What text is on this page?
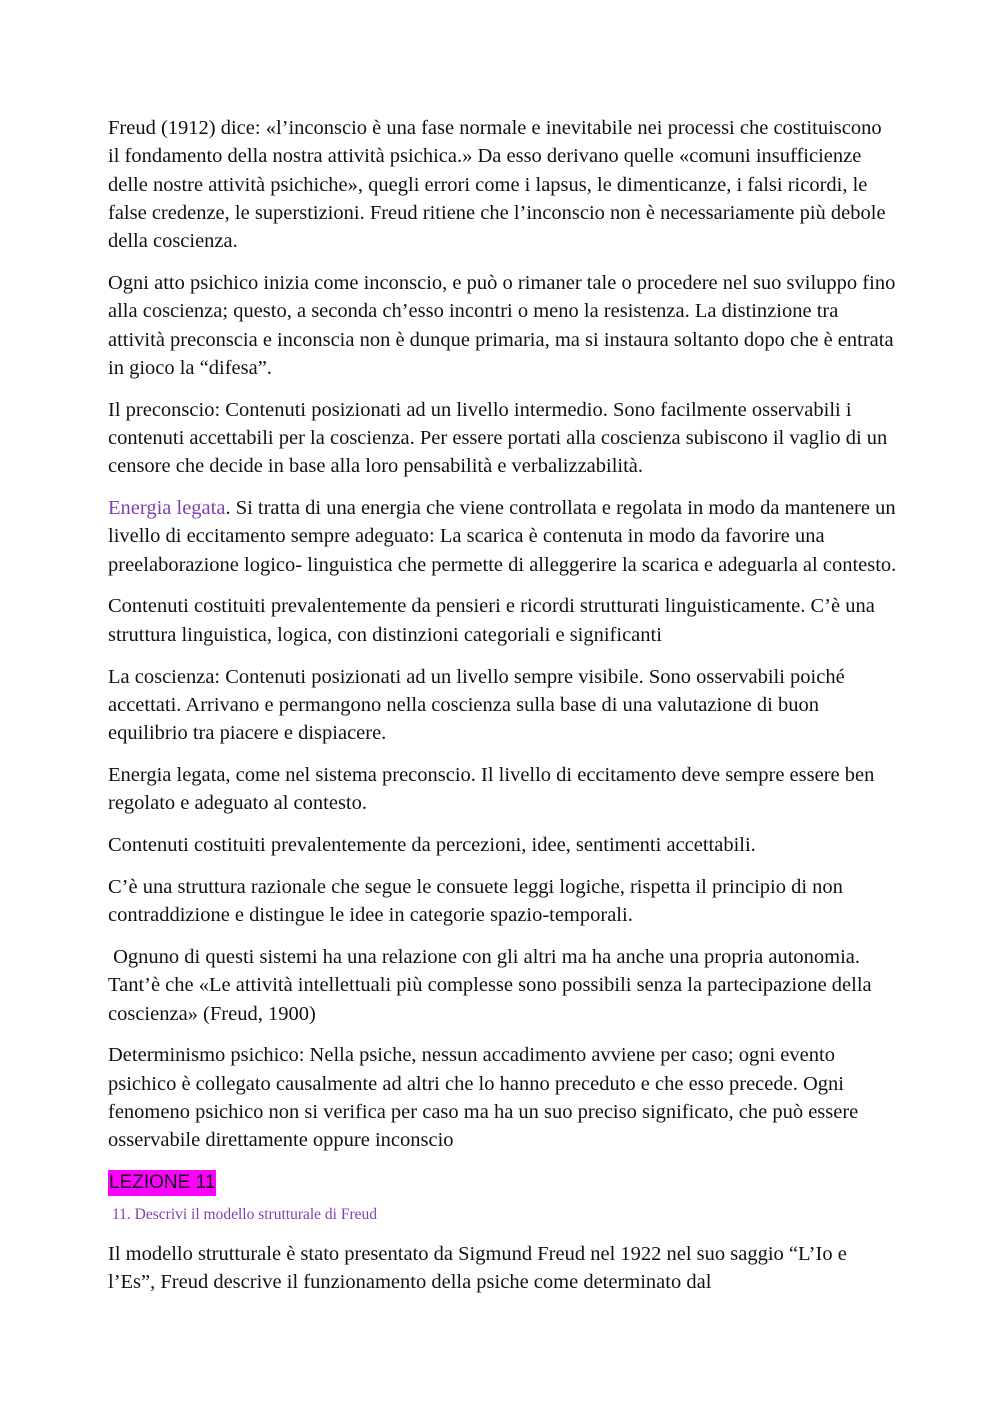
Freud (1912) dice: «l’inconscio è una fase normale e inevitabile nei processi che costituiscono il fondamento della nostra attività psichica.» Da esso derivano quelle «comuni insufficienze delle nostre attività psichiche», quegli errori come i lapsus, le dimenticanze, i falsi ricordi, le false credenze, le superstizioni. Freud ritiene che l’inconscio non è necessariamente più debole della coscienza.

Ogni atto psichico inizia come inconscio, e può o rimaner tale o procedere nel suo sviluppo fino alla coscienza; questo, a seconda ch’esso incontri o meno la resistenza. La distinzione tra attività preconscia e inconscia non è dunque primaria, ma si instaura soltanto dopo che è entrata in gioco la “difesa”.

Il preconscio: Contenuti posizionati ad un livello intermedio. Sono facilmente osservabili i contenuti accettabili per la coscienza. Per essere portati alla coscienza subiscono il vaglio di un censore che decide in base alla loro pensabilità e verbalizzabilità.

Energia legata. Si tratta di una energia che viene controllata e regolata in modo da mantenere un livello di eccitamento sempre adeguato: La scarica è contenuta in modo da favorire una preelaborazione logico- linguistica che permette di alleggerire la scarica e adeguarla al contesto.

Contenuti costituiti prevalentemente da pensieri e ricordi strutturati linguisticamente. C’è una struttura linguistica, logica, con distinzioni categoriali e significanti

La coscienza: Contenuti posizionati ad un livello sempre visibile. Sono osservabili poiché accettati. Arrivano e permangono nella coscienza sulla base di una valutazione di buon equilibrio tra piacere e dispiacere.

Energia legata, come nel sistema preconscio. Il livello di eccitamento deve sempre essere ben regolato e adeguato al contesto.

Contenuti costituiti prevalentemente da percezioni, idee, sentimenti accettabili.

C’è una struttura razionale che segue le consuete leggi logiche, rispetta il principio di non contraddizione e distingue le idee in categorie spazio-temporali.

Ognuno di questi sistemi ha una relazione con gli altri ma ha anche una propria autonomia. Tant’è che «Le attività intellettuali più complesse sono possibili senza la partecipazione della coscienza» (Freud, 1900)

Determinismo psichico: Nella psiche, nessun accadimento avviene per caso; ogni evento psichico è collegato causalmente ad altri che lo hanno preceduto e che esso precede. Ogni fenomeno psichico non si verifica per caso ma ha un suo preciso significato, che può essere osservabile direttamente oppure inconscio

LEZIONE 11
11. Descrivi il modello strutturale di Freud

Il modello strutturale è stato presentato da Sigmund Freud nel 1922 nel suo saggio “L’Io e l’Es”, Freud descrive il funzionamento della psiche come determinato dal
